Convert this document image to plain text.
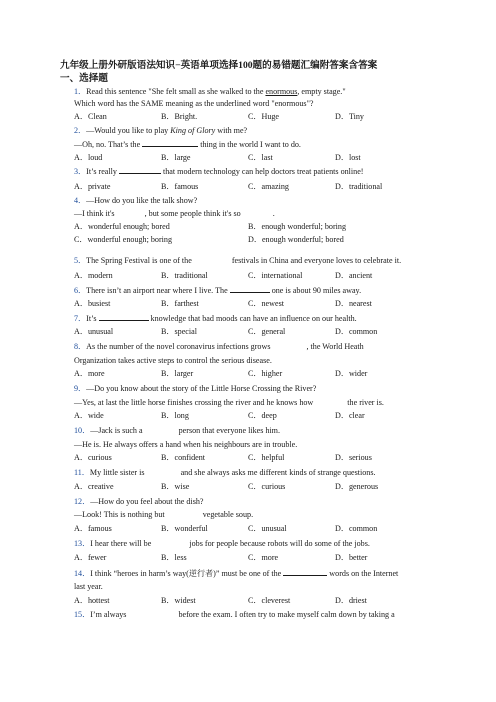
九年级上册外研版语法知识−英语单项选择100题的易错题汇编附答案含答案
一、选择题
1．Read this sentence "She felt small as she walked to the enormous, empty stage."
Which word has the SAME meaning as the underlined word "enormous"?
A．Clean	B．Bright.	C．Huge	D．Tiny
2．—Would you like to play King of Glory with me?
—Oh, no. That’s the	thing in the world I want to do.
A．loud	B．large	C．last	D．lost
3．It’s really	that modern technology can help doctors treat patients online!
A．private	B．famous	C．amazing	D．traditional
4．—How do you like the talk show?
—I think it's	, but some people think it's so	.
A．wonderful enough; bored	B．enough wonderful; boring
C．wonderful enough; boring	D．enough wonderful; bored
5．The Spring Festival is one of the	festivals in China and everyone loves to celebrate it.
A．modern	B．traditional	C．international	D．ancient
6．There isn’t an airport near where I live. The	one is about 90 miles away.
A．busiest	B．farthest	C．newest	D．nearest
7．It’s	knowledge that bad moods can have an influence on our health.
A．unusual	B．special	C．general	D．common
8．As the number of the novel coronavirus infections grows	, the World Heath
Organization takes active steps to control the serious disease.
A．more	B．larger	C．higher	D．wider
9．—Do you know about the story of the Little Horse Crossing the River?
—Yes, at last the little horse finishes crossing the river and he knows how	the river is.
A．wide	B．long	C．deep	D．clear
10．—Jack is such a	person that everyone likes him.
—He is. He always offers a hand when his neighbours are in trouble.
A．curious	B．confident	C．helpful	D．serious
11．My little sister is	and she always asks me different kinds of strange questions.
A．creative	B．wise	C．curious	D．generous
12．—How do you feel about the dish?
—Look! This is nothing but	vegetable soup.
A．famous	B．wonderful	C．unusual	D．common
13．I hear there will be	jobs for people because robots will do some of the jobs.
A．fewer	B．less	C．more	D．better
14．I think “heroes in harm’s way(逆行者)” must be one of the	words on the Internet
last year.
A．hottest	B．widest	C．cleverest	D．driest
15．I’m always	before the exam. I often try to make myself calm down by taking a
